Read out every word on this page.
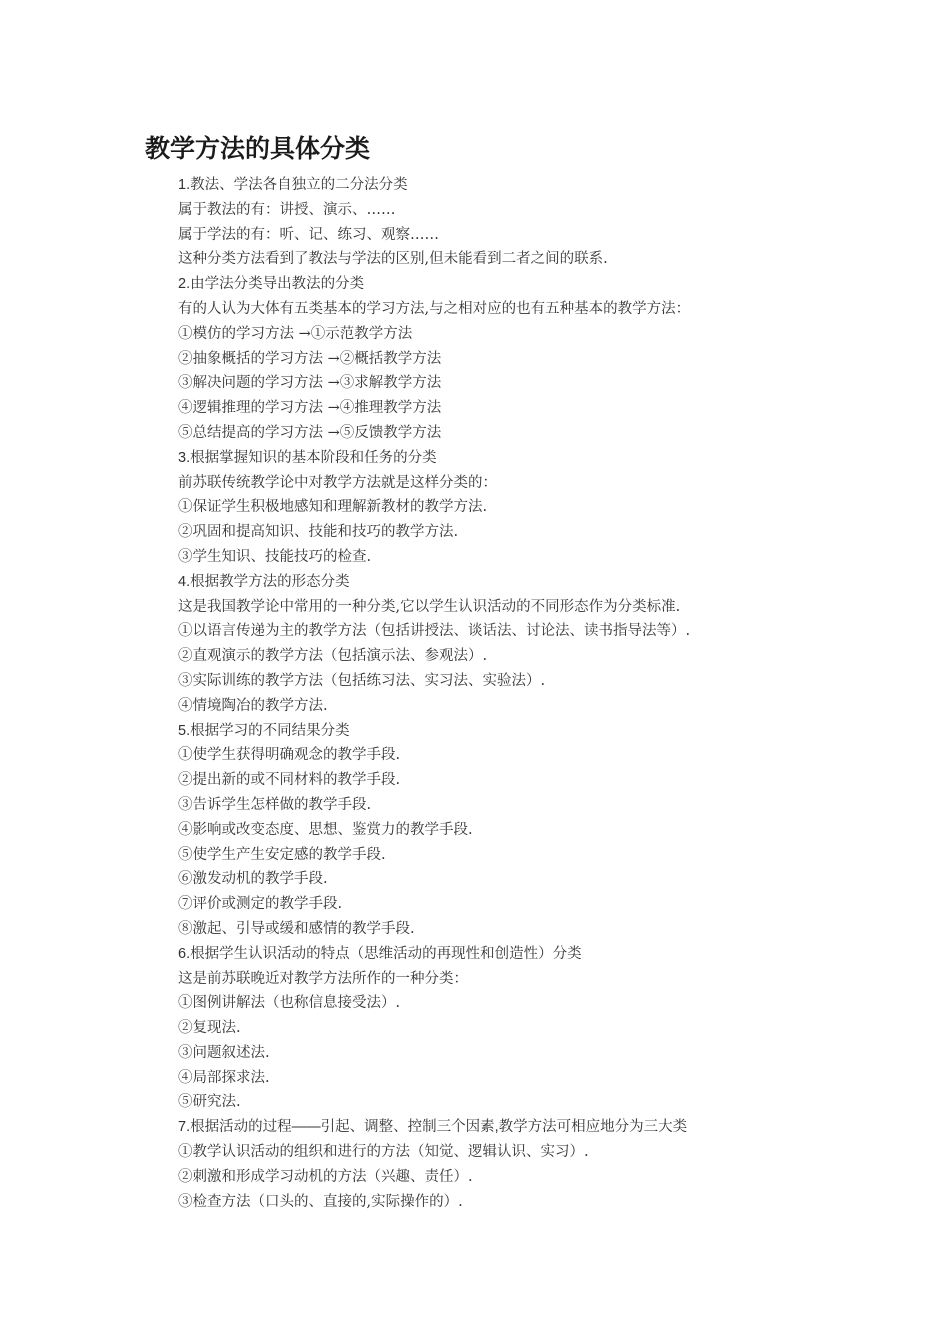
教学方法的具体分类
1.教法、学法各自独立的二分法分类
属于教法的有：讲授、演示、……
属于学法的有：听、记、练习、观察……
这种分类方法看到了教法与学法的区别,但未能看到二者之间的联系.
2.由学法分类导出教法的分类
有的人认为大体有五类基本的学习方法,与之相对应的也有五种基本的教学方法：
①模仿的学习方法 →①示范教学方法
②抽象概括的学习方法 →②概括教学方法
③解决问题的学习方法 →③求解教学方法
④逻辑推理的学习方法 →④推理教学方法
⑤总结提高的学习方法 →⑤反馈教学方法
3.根据掌握知识的基本阶段和任务的分类
前苏联传统教学论中对教学方法就是这样分类的：
①保证学生积极地感知和理解新教材的教学方法.
②巩固和提高知识、技能和技巧的教学方法.
③学生知识、技能技巧的检查.
4.根据教学方法的形态分类
这是我国教学论中常用的一种分类,它以学生认识活动的不同形态作为分类标准.
①以语言传递为主的教学方法（包括讲授法、谈话法、讨论法、读书指导法等）.
②直观演示的教学方法（包括演示法、参观法）.
③实际训练的教学方法（包括练习法、实习法、实验法）.
④情境陶冶的教学方法.
5.根据学习的不同结果分类
①使学生获得明确观念的教学手段.
②提出新的或不同材料的教学手段.
③告诉学生怎样做的教学手段.
④影响或改变态度、思想、鉴赏力的教学手段.
⑤使学生产生安定感的教学手段.
⑥激发动机的教学手段.
⑦评价或测定的教学手段.
⑧激起、引导或缓和感情的教学手段.
6.根据学生认识活动的特点（思维活动的再现性和创造性）分类
这是前苏联晚近对教学方法所作的一种分类：
①图例讲解法（也称信息接受法）.
②复现法.
③问题叙述法.
④局部探求法.
⑤研究法.
7.根据活动的过程——引起、调整、控制三个因素,教学方法可相应地分为三大类
①教学认识活动的组织和进行的方法（知觉、逻辑认识、实习）.
②刺激和形成学习动机的方法（兴趣、责任）.
③检查方法（口头的、直接的,实际操作的）.
